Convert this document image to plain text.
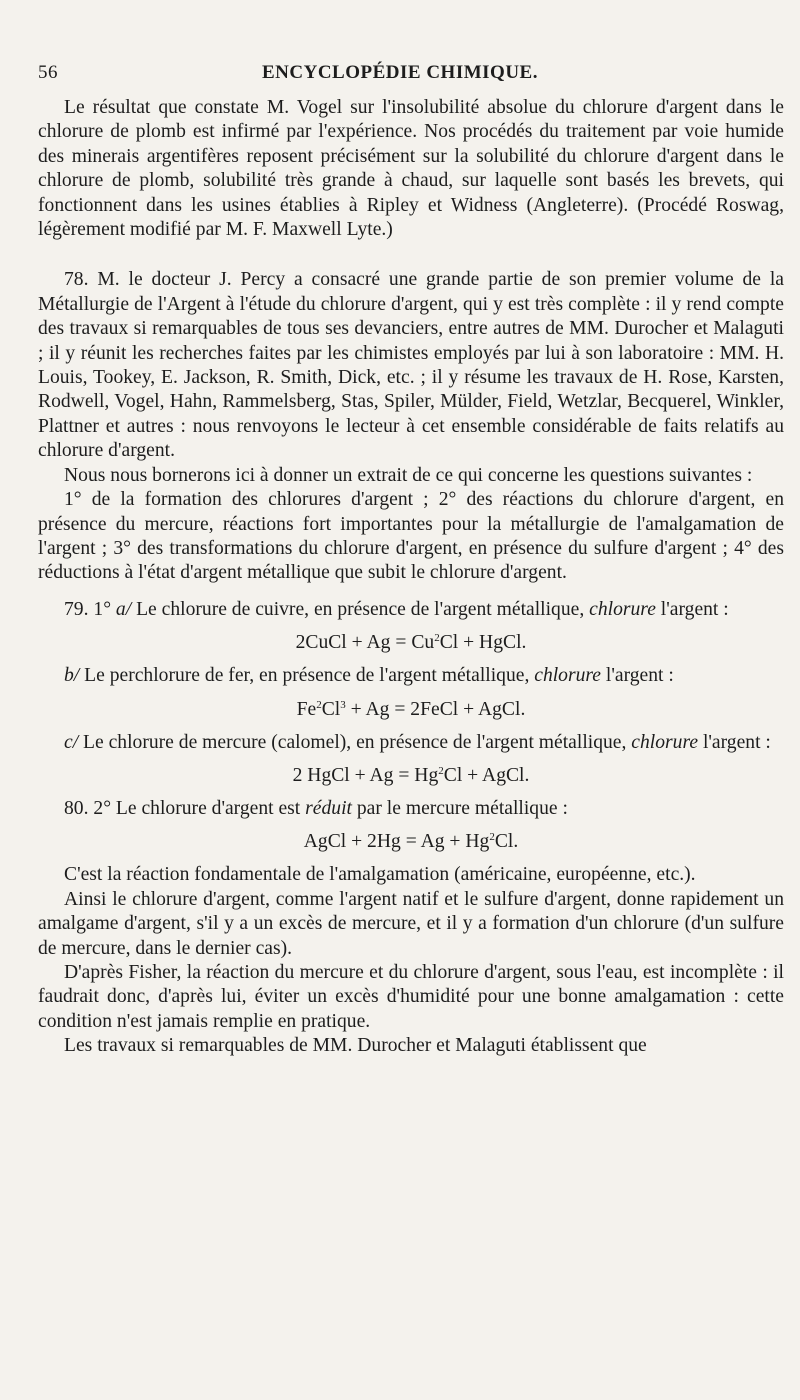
56	ENCYCLOPÉDIE CHIMIQUE.

Le résultat que constate M. Vogel sur l'insolubilité absolue du chlorure d'argent dans le chlorure de plomb est infirmé par l'expérience. Nos procédés du traitement par voie humide des minerais argentifères reposent précisément sur la solubilité du chlorure d'argent dans le chlorure de plomb, solubilité très grande à chaud, sur laquelle sont basés les brevets, qui fonctionnent dans les usines établies à Ripley et Widness (Angleterre). (Procédé Roswag, légèrement modifié par M. F. Maxwell Lyte.)

78. M. le docteur J. Percy a consacré une grande partie de son premier volume de la Métallurgie de l'Argent à l'étude du chlorure d'argent, qui y est très complète : il y rend compte des travaux si remarquables de tous ses devanciers, entre autres de MM. Durocher et Malaguti ; il y réunit les recherches faites par les chimistes employés par lui à son laboratoire : MM. H. Louis, Tookey, E. Jackson, R. Smith, Dick, etc. ; il y résume les travaux de H. Rose, Karsten, Rodwell, Vogel, Hahn, Rammelsberg, Stas, Spiler, Mülder, Field, Wetzlar, Becquerel, Winkler, Plattner et autres : nous renvoyons le lecteur à cet ensemble considérable de faits relatifs au chlorure d'argent.

Nous nous bornerons ici à donner un extrait de ce qui concerne les questions suivantes :

1° de la formation des chlorures d'argent ; 2° des réactions du chlorure d'argent, en présence du mercure, réactions fort importantes pour la métallurgie de l'amalgamation de l'argent ; 3° des transformations du chlorure d'argent, en présence du sulfure d'argent ; 4° des réductions à l'état d'argent métallique que subit le chlorure d'argent.

79. 1° a/ Le chlorure de cuivre, en présence de l'argent métallique, chlorure l'argent :

2CuCl + $Ag = Cu^2Cl$ + HgCl.

b/ Le perchlorure de fer, en présence de l'argent métallique, chlorure l'argent :

$Fe^2Cl^3 + Ag$ = 2FeCl + AgCl.

c/ Le chlorure de mercure (calomel), en présence de l'argent métallique, chlorure l'argent :

2 HgCl + $Ag = Hg^2Cl$ + AgCl.

80. 2° Le chlorure d'argent est réduit par le mercure métallique :

AgCl + $2Hg = Ag + Hg^2Cl$.

C'est la réaction fondamentale de l'amalgamation (américaine, européenne, etc.).

Ainsi le chlorure d'argent, comme l'argent natif et le sulfure d'argent, donne rapidement un amalgame d'argent, s'il y a un excès de mercure, et il y a formation d'un chlorure (d'un sulfure de mercure, dans le dernier cas).

D'après Fisher, la réaction du mercure et du chlorure d'argent, sous l'eau, est incomplète : il faudrait donc, d'après lui, éviter un excès d'humidité pour une bonne amalgamation : cette condition n'est jamais remplie en pratique.

Les travaux si remarquables de MM. Durocher et Malaguti établissent que
